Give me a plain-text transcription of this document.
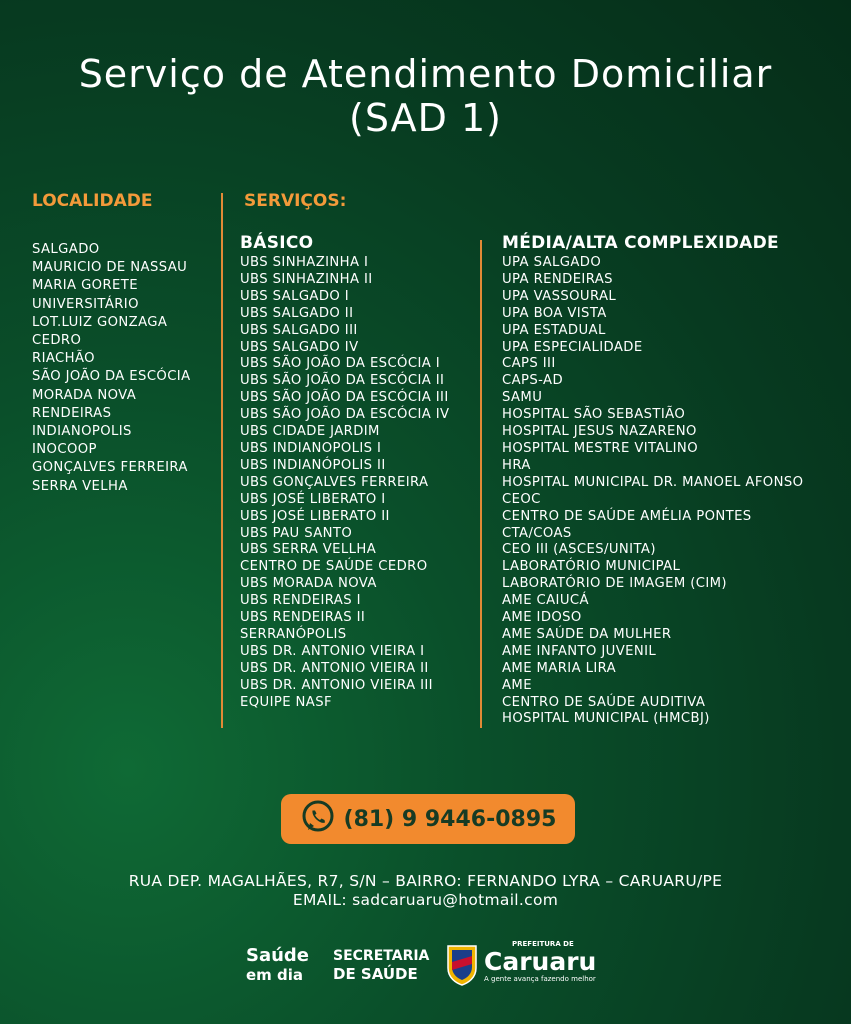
Serviço de Atendimento Domiciliar
(SAD 1)
LOCALIDADE	SERVIÇOS:
SALGADO
MAURICIO DE NASSAU
MARIA GORETE
UNIVERSITÁRIO
LOT.LUIZ GONZAGA
CEDRO
RIACHÃO
SÃO JOÃO DA ESCÓCIA
MORADA NOVA
RENDEIRAS
INDIANOPOLIS
INOCOOP
GONÇALVES FERREIRA
SERRA VELHA
BÁSICO
UBS SINHAZINHA I
UBS SINHAZINHA II
UBS SALGADO I
UBS SALGADO II
UBS SALGADO III
UBS SALGADO IV
UBS SÃO JOÃO DA ESCÓCIA I
UBS SÃO JOÃO DA ESCÓCIA II
UBS SÃO JOÃO DA ESCÓCIA III
UBS SÃO JOÃO DA ESCÓCIA IV
UBS CIDADE JARDIM
UBS INDIANOPOLIS I
UBS INDIANÓPOLIS II
UBS GONÇALVES FERREIRA
UBS JOSÉ LIBERATO I
UBS JOSÉ LIBERATO II
UBS PAU SANTO
UBS SERRA VELLHA
CENTRO DE SAÚDE CEDRO
UBS MORADA NOVA
UBS RENDEIRAS I
UBS RENDEIRAS II
SERRANÓPOLIS
UBS DR. ANTONIO VIEIRA I
UBS DR. ANTONIO VIEIRA II
UBS DR. ANTONIO VIEIRA III
EQUIPE NASF
MÉDIA/ALTA COMPLEXIDADE
UPA SALGADO
UPA RENDEIRAS
UPA VASSOURAL
UPA BOA VISTA
UPA ESTADUAL
UPA ESPECIALIDADE
CAPS III
CAPS-AD
SAMU
HOSPITAL SÃO SEBASTIÃO
HOSPITAL JESUS NAZARENO
HOSPITAL MESTRE VITALINO
HRA
HOSPITAL MUNICIPAL DR. MANOEL AFONSO
CEOC
CENTRO DE SAÚDE AMÉLIA PONTES
CTA/COAS
CEO III (ASCES/UNITA)
LABORATÓRIO MUNICIPAL
LABORATÓRIO DE IMAGEM (CIM)
AME CAIUCÁ
AME IDOSO
AME SAÚDE DA MULHER
AME INFANTO JUVENIL
AME MARIA LIRA
AME
CENTRO DE SAÚDE AUDITIVA
HOSPITAL MUNICIPAL (HMCBJ)
(81) 9 9446-0895
RUA DEP. MAGALHÃES, R7, S/N – BAIRRO: FERNANDO LYRA – CARUARU/PE
EMAIL: sadcaruaru@hotmail.com
Saúde
em dia
SECRETARIA
DE SAÚDE
PREFEITURA DE
Caruaru
A gente avança fazendo melhor
